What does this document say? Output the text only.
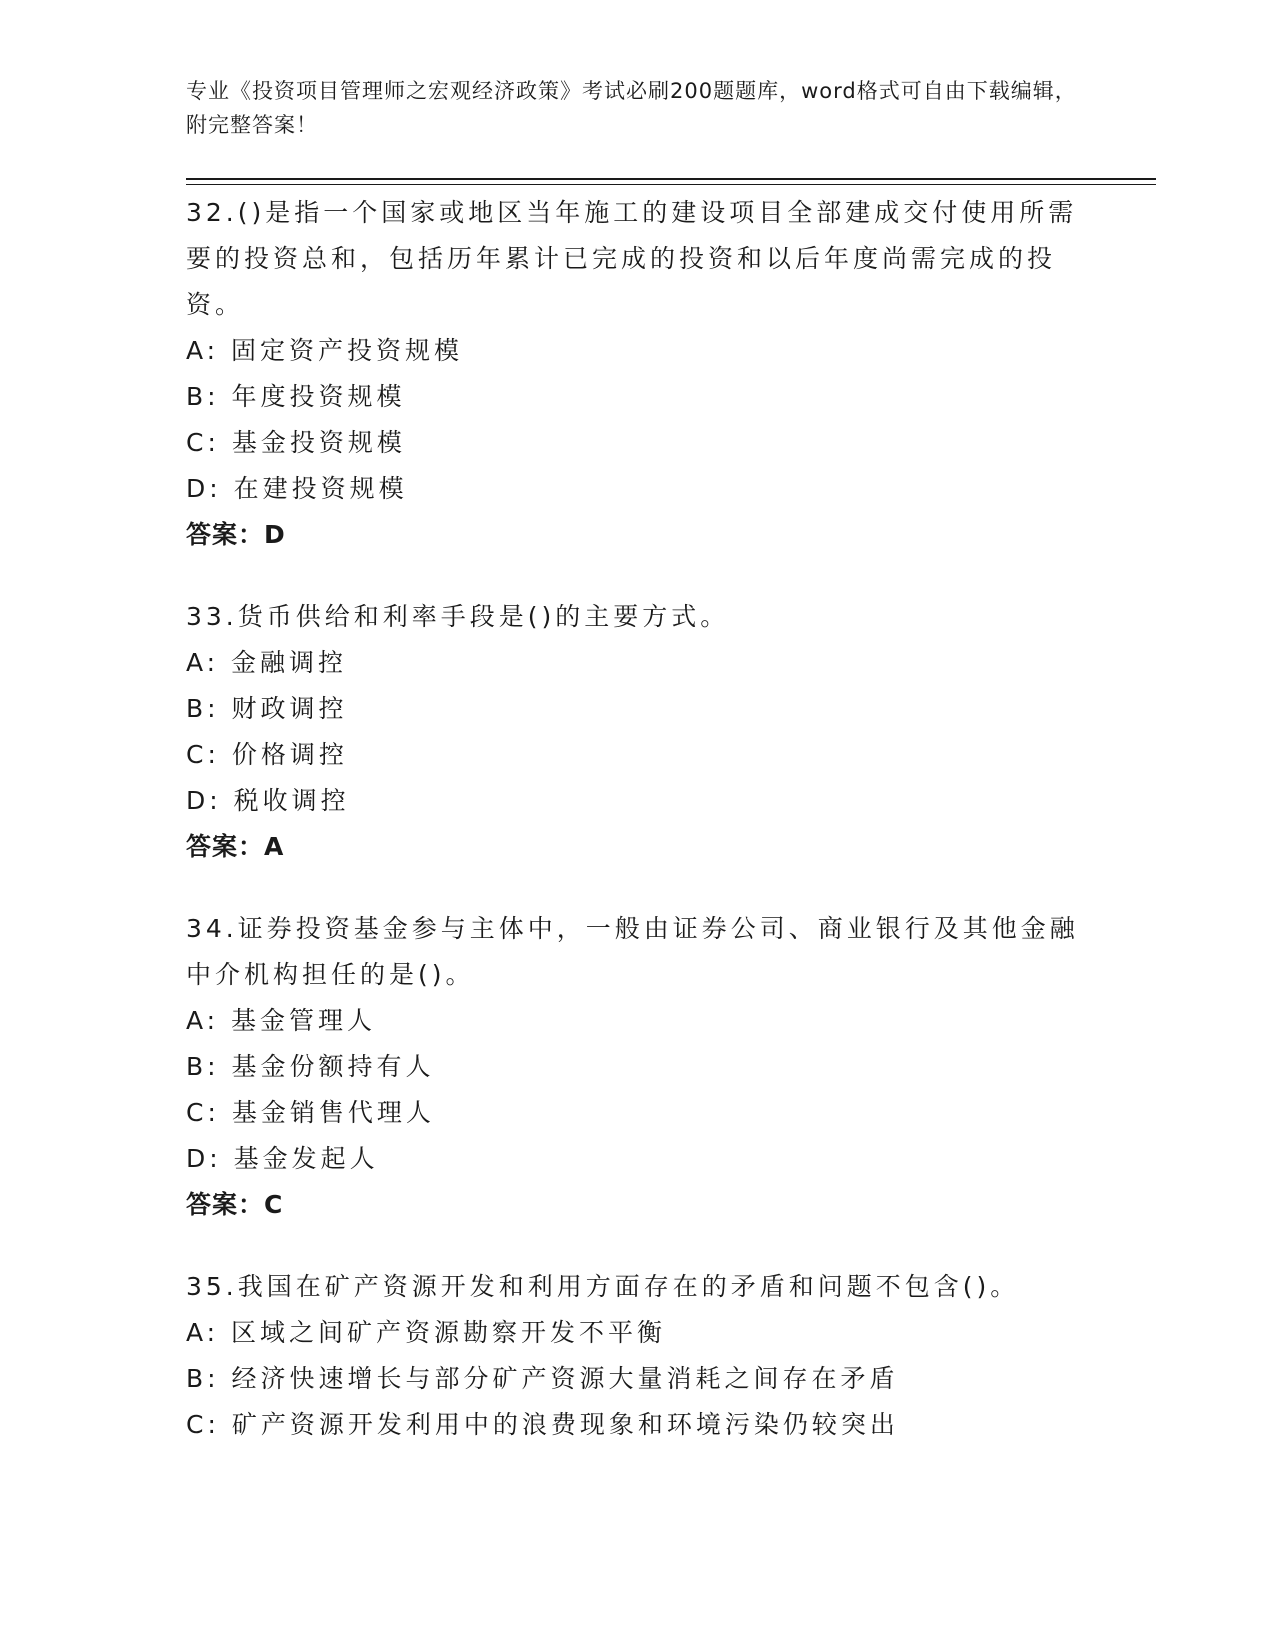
专业《投资项目管理师之宏观经济政策》考试必刷200题题库，word格式可自由下载编辑，附完整答案！
32.()是指一个国家或地区当年施工的建设项目全部建成交付使用所需要的投资总和，包括历年累计已完成的投资和以后年度尚需完成的投资。
A: 固定资产投资规模
B: 年度投资规模
C: 基金投资规模
D: 在建投资规模
答案：D
33.货币供给和利率手段是()的主要方式。
A: 金融调控
B: 财政调控
C: 价格调控
D: 税收调控
答案：A
34.证券投资基金参与主体中，一般由证券公司、商业银行及其他金融中介机构担任的是()。
A: 基金管理人
B: 基金份额持有人
C: 基金销售代理人
D: 基金发起人
答案：C
35.我国在矿产资源开发和利用方面存在的矛盾和问题不包含()。
A: 区域之间矿产资源勘察开发不平衡
B: 经济快速增长与部分矿产资源大量消耗之间存在矛盾
C: 矿产资源开发利用中的浪费现象和环境污染仍较突出
